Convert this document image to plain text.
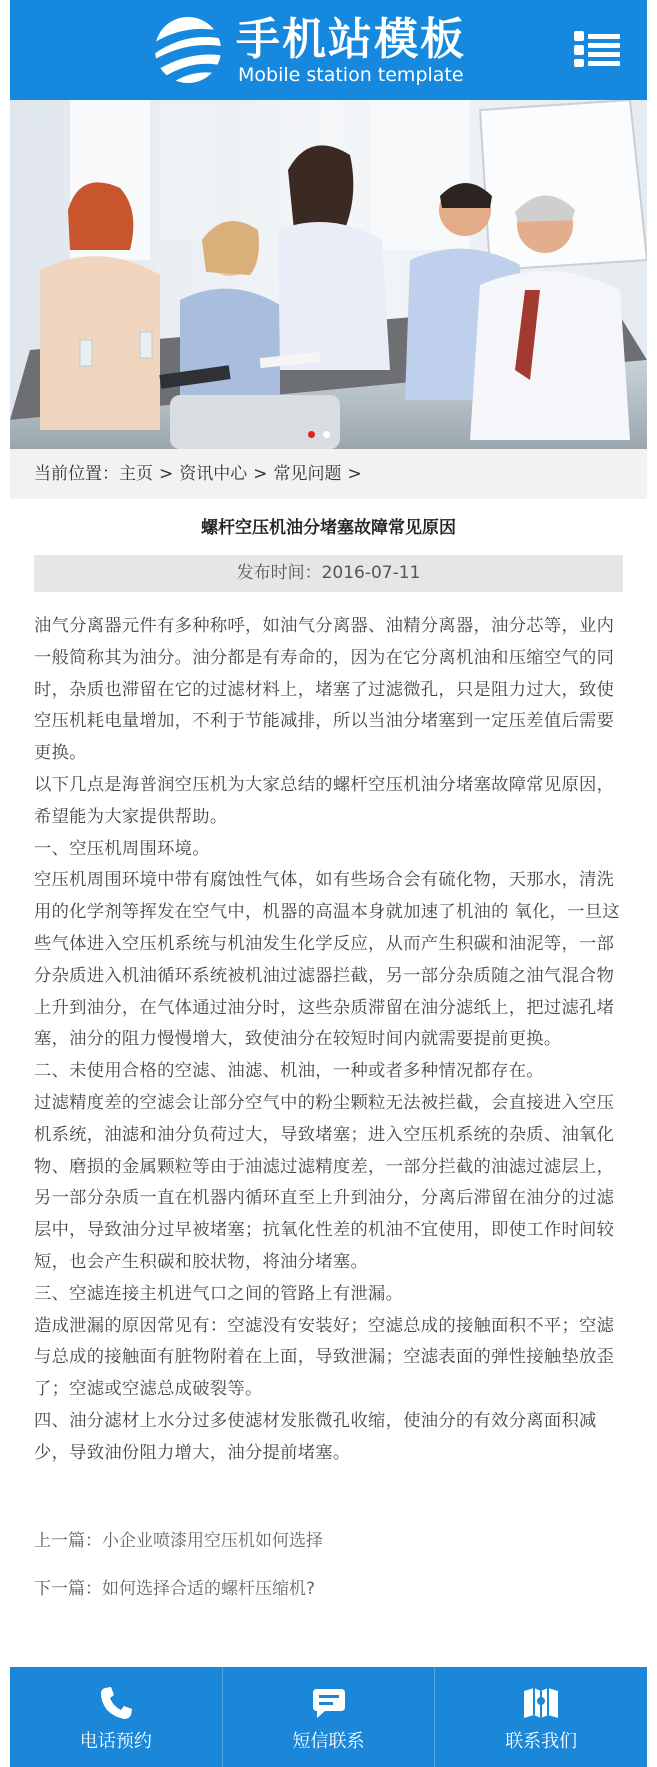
手机站模板
Mobile station template
当前位置：主页 > 资讯中心 > 常见问题 >
螺杆空压机油分堵塞故障常见原因
发布时间：2016-07-11

油气分离器元件有多种称呼，如油气分离器、油精分离器，油分芯等，业内一般简称其为油分。油分都是有寿命的，因为在它分离机油和压缩空气的同时，杂质也滞留在它的过滤材料上，堵塞了过滤微孔，只是阻力过大，致使空压机耗电量增加，不利于节能减排，所以当油分堵塞到一定压差值后需要更换。

以下几点是海普润空压机为大家总结的螺杆空压机油分堵塞故障常见原因，希望能为大家提供帮助。

一、空压机周围环境。

空压机周围环境中带有腐蚀性气体，如有些场合会有硫化物，天那水，清洗用的化学剂等挥发在空气中，机器的高温本身就加速了机油的 氧化，一旦这些气体进入空压机系统与机油发生化学反应，从而产生积碳和油泥等，一部分杂质进入机油循环系统被机油过滤器拦截，另一部分杂质随之油气混合物上升到油分，在气体通过油分时，这些杂质滞留在油分滤纸上，把过滤孔堵塞，油分的阻力慢慢增大，致使油分在较短时间内就需要提前更换。

二、未使用合格的空滤、油滤、机油，一种或者多种情况都存在。

过滤精度差的空滤会让部分空气中的粉尘颗粒无法被拦截，会直接进入空压机系统，油滤和油分负荷过大，导致堵塞；进入空压机系统的杂质、油氧化物、磨损的金属颗粒等由于油滤过滤精度差，一部分拦截的油滤过滤层上，另一部分杂质一直在机器内循环直至上升到油分，分离后滞留在油分的过滤层中，导致油分过早被堵塞；抗氧化性差的机油不宜使用，即使工作时间较短，也会产生积碳和胶状物，将油分堵塞。

三、空滤连接主机进气口之间的管路上有泄漏。

造成泄漏的原因常见有：空滤没有安装好；空滤总成的接触面积不平；空滤与总成的接触面有脏物附着在上面，导致泄漏；空滤表面的弹性接触垫放歪了；空滤或空滤总成破裂等。

四、油分滤材上水分过多使滤材发胀微孔收缩，使油分的有效分离面积减少，导致油份阻力增大，油分提前堵塞。

上一篇：小企业喷漆用空压机如何选择
下一篇：如何选择合适的螺杆压缩机?
电话预约	短信联系	联系我们
